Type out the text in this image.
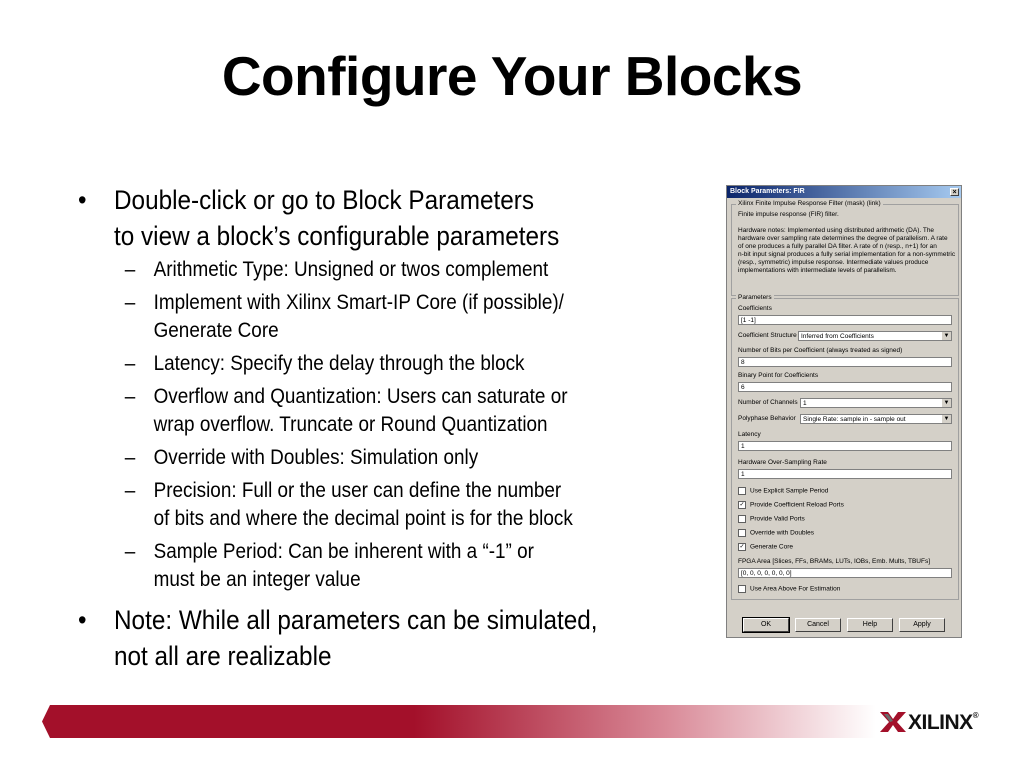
Configure Your Blocks
• Double-click or go to Block Parameters
to view a block’s configurable parameters
– Arithmetic Type: Unsigned or twos complement
– Implement with Xilinx Smart-IP Core (if possible)/
Generate Core
– Latency: Specify the delay through the block
– Overflow and Quantization: Users can saturate or
wrap overflow. Truncate or Round Quantization
– Override with Doubles: Simulation only
– Precision: Full or the user can define the number
of bits and where the decimal point is for the block
– Sample Period: Can be inherent with a “-1” or
must be an integer value
• Note: While all parameters can be simulated,
not all are realizable
Block Parameters: FIR	×
Xilinx Finite Impulse Response Filter (mask) (link)
Finite impulse response (FIR) filter.
Hardware notes: Implemented using distributed arithmetic (DA). The
hardware over sampling rate determines the degree of parallelism. A rate
of one produces a fully parallel DA filter. A rate of n (resp., n+1) for an
n-bit input signal produces a fully serial implementation for a non-symmetric
(resp., symmetric) impulse response. Intermediate values produce
implementations with intermediate levels of parallelism.
Parameters
Coefficients
[1 -1]
Coefficient Structure Inferred from Coefficients	▼
Number of Bits per Coefficient (always treated as signed)
8
Binary Point for Coefficients
6
Number of Channels 1	▼
Polyphase Behavior	Single Rate: sample in - sample out	▼
Latency
1
Hardware Over-Sampling Rate
1
Use Explicit Sample Period
✓ Provide Coefficient Reload Ports
Provide Valid Ports
Override with Doubles
✓ Generate Core
FPGA Area [Slices, FFs, BRAMs, LUTs, IOBs, Emb. Mults, TBUFs]
[0, 0, 0, 0, 0, 0, 0]
Use Area Above For Estimation
OK	Cancel	Help	Apply
XILINX®
